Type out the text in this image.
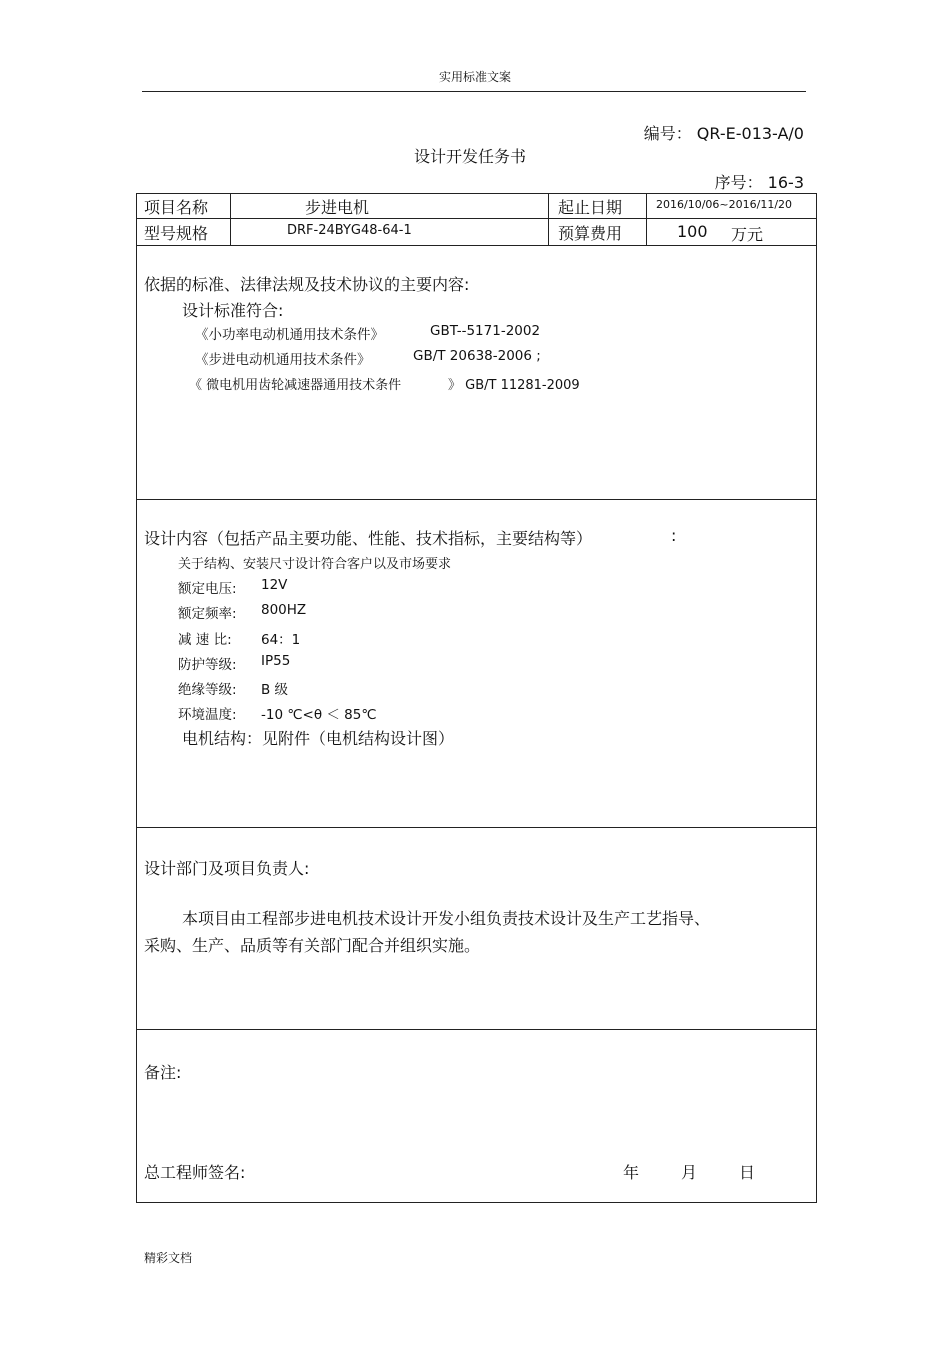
实用标准文案
编号： QR-E-013-A/0
设计开发任务书
序号： 16-3
项目名称	步进电机	起止日期	2016/10/06~2016/11/20
型号规格	DRF-24BYG48-64-1	预算费用	100 万元
依据的标准、法律法规及技术协议的主要内容:
设计标准符合:
《小功率电动机通用技术条件》	GBT--5171-2002
《步进电动机通用技术条件》	GB/T 20638-2006 ;
《 微电机用齿轮减速器通用技术条件	》 GB/T 11281-2009
设计内容（包括产品主要功能、性能、技术指标，主要结构等）	:
关于结构、安装尺寸设计符合客户以及市场要求
额定电压: 12V
额定频率: 800HZ
减 速 比: 64：1
防护等级: IP55
绝缘等级: B 级
环境温度: -10 ℃<θ ＜ 85℃
电机结构：见附件（电机结构设计图）
设计部门及项目负责人:
本项目由工程部步进电机技术设计开发小组负责技术设计及生产工艺指导、
采购、生产、品质等有关部门配合并组织实施。
备注:
总工程师签名:	年	月	日
精彩文档
